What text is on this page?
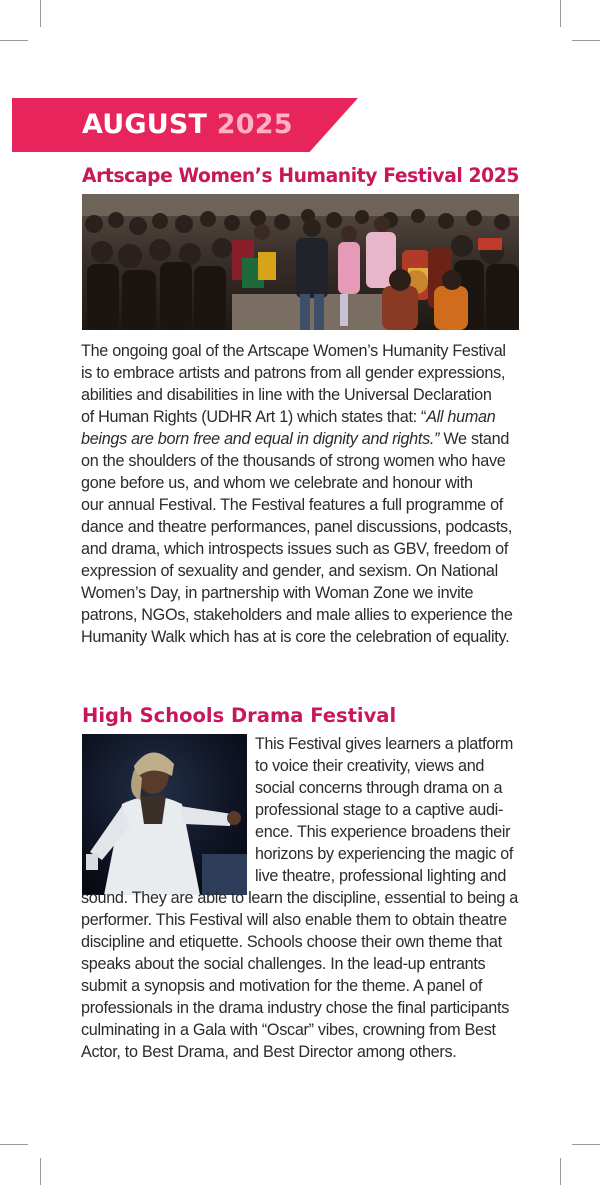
AUGUST 2025
Artscape Women’s Humanity Festival 2025

The ongoing goal of the Artscape Women’s Humanity Festival
is to embrace artists and patrons from all gender expressions,
abilities and disabilities in line with the Universal Declaration
of Human Rights (UDHR Art 1) which states that: “All human
beings are born free and equal in dignity and rights.” We stand
on the shoulders of the thousands of strong women who have
gone before us, and whom we celebrate and honour with
our annual Festival. The Festival features a full programme of
dance and theatre performances, panel discussions, podcasts,
and drama, which introspects issues such as GBV, freedom of
expression of sexuality and gender, and sexism. On National
Women’s Day, in partnership with Woman Zone we invite
patrons, NGOs, stakeholders and male allies to experience the
Humanity Walk which has at is core the celebration of equality.

High Schools Drama Festival

This Festival gives learners a platform
to voice their creativity, views and
social concerns through drama on a
professional stage to a captive audi-
ence. This experience broadens their
horizons by experiencing the magic of
live theatre, professional lighting and

sound. They are able to learn the discipline, essential to being a
performer. This Festival will also enable them to obtain theatre
discipline and etiquette. Schools choose their own theme that
speaks about the social challenges. In the lead-up entrants
submit a synopsis and motivation for the theme. A panel of
professionals in the drama industry chose the final participants
culminating in a Gala with “Oscar” vibes, crowning from Best
Actor, to Best Drama, and Best Director among others.
